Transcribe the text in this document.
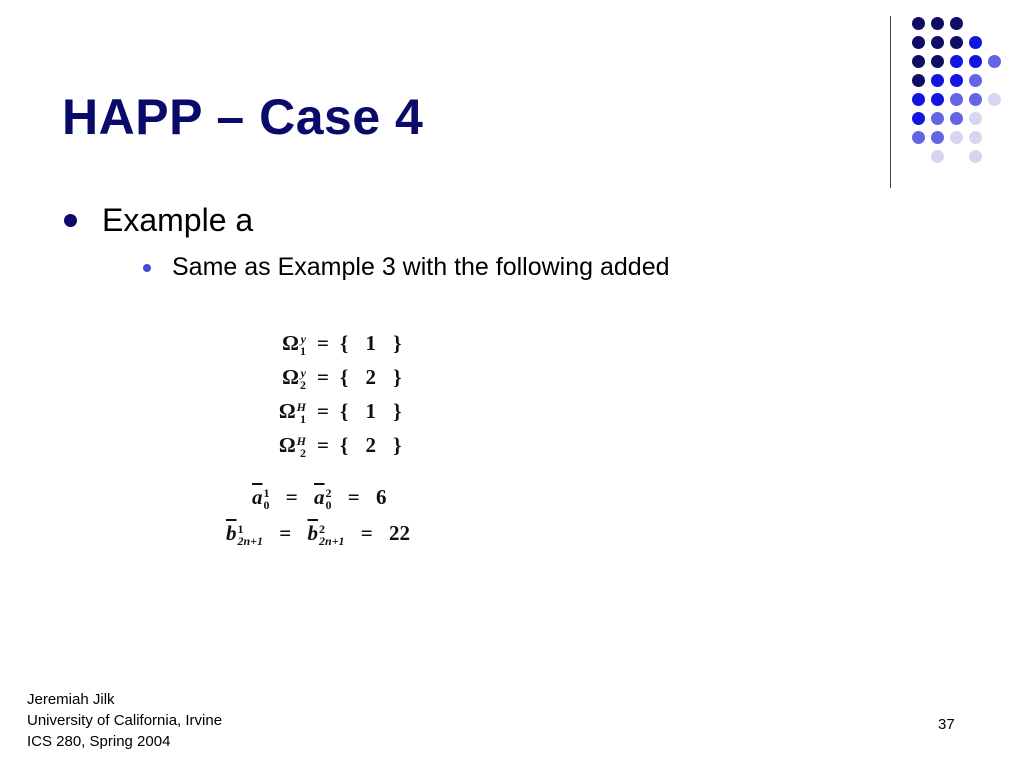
HAPP – Case 4
Example a
Same as Example 3 with the following added
Ω y
1 = { 1 }
Ω y
2 = { 2 }
Ω H
1 = { 1 }
Ω H
2 = { 2 }
$\overline{a}$ 1
$0 = \overline{a}$ 2
0 = 6
$\overline{b}$ 1
$2n+1 = \overline{b}$ 2
2n+1 = 22
Jeremiah Jilk
University of California, Irvine
ICS 280, Spring 2004
37
